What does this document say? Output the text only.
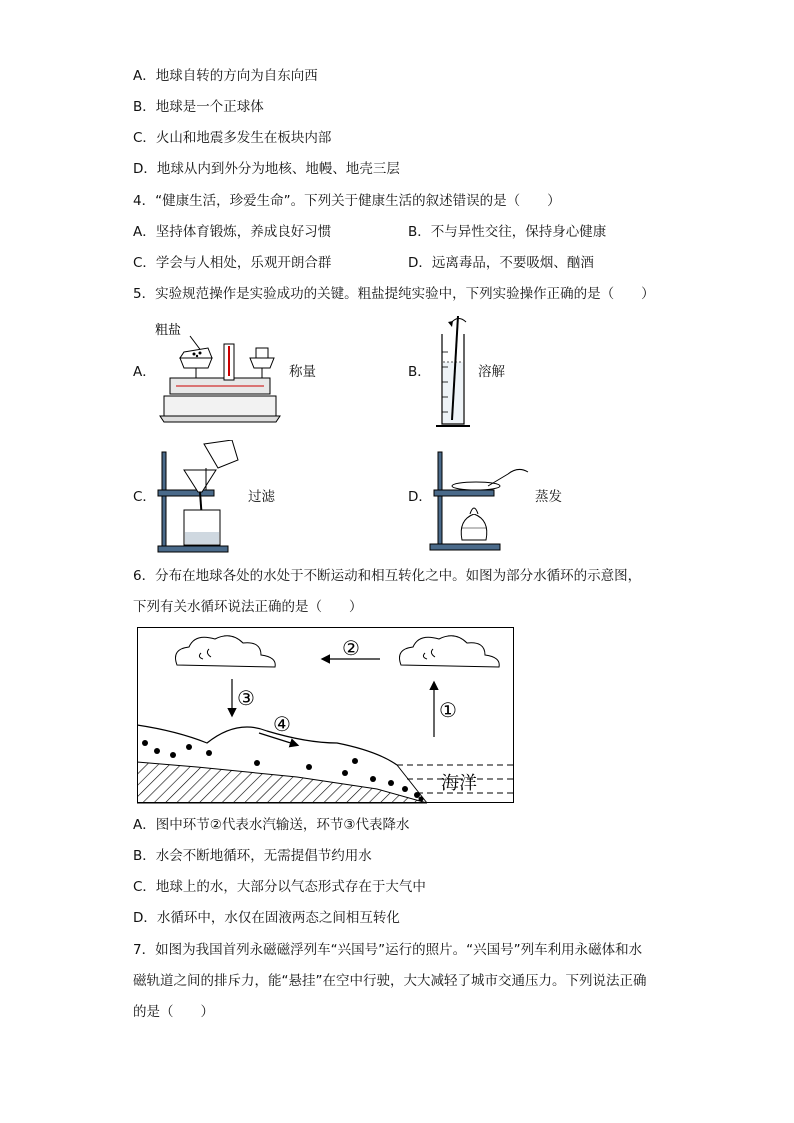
A．地球自转的方向为自东向西
B．地球是一个正球体
C．火山和地震多发生在板块内部
D．地球从内到外分为地核、地幔、地壳三层
4．“健康生活，珍爱生命”。下列关于健康生活的叙述错误的是（　　）
A．坚持体育锻炼，养成良好习惯	B．不与异性交往，保持身心健康
C．学会与人相处，乐观开朗合群	D．远离毒品，不要吸烟、酗酒
5．实验规范操作是实验成功的关键。粗盐提纯实验中，下列实验操作正确的是（　　）
A．	B．
C．	D．
粗盐
称量	溶解
过滤	蒸发
6．分布在地球各处的水处于不断运动和相互转化之中。如图为部分水循环的示意图，
下列有关水循环说法正确的是（　　）
海洋
②
①
③
④
A．图中环节②代表水汽输送，环节③代表降水
B．水会不断地循环，无需提倡节约用水
C．地球上的水，大部分以气态形式存在于大气中
D．水循环中，水仅在固液两态之间相互转化
7．如图为我国首列永磁磁浮列车“兴国号”运行的照片。“兴国号”列车利用永磁体和水
磁轨道之间的排斥力，能“悬挂”在空中行驶，大大减轻了城市交通压力。下列说法正确
的是（　　）
